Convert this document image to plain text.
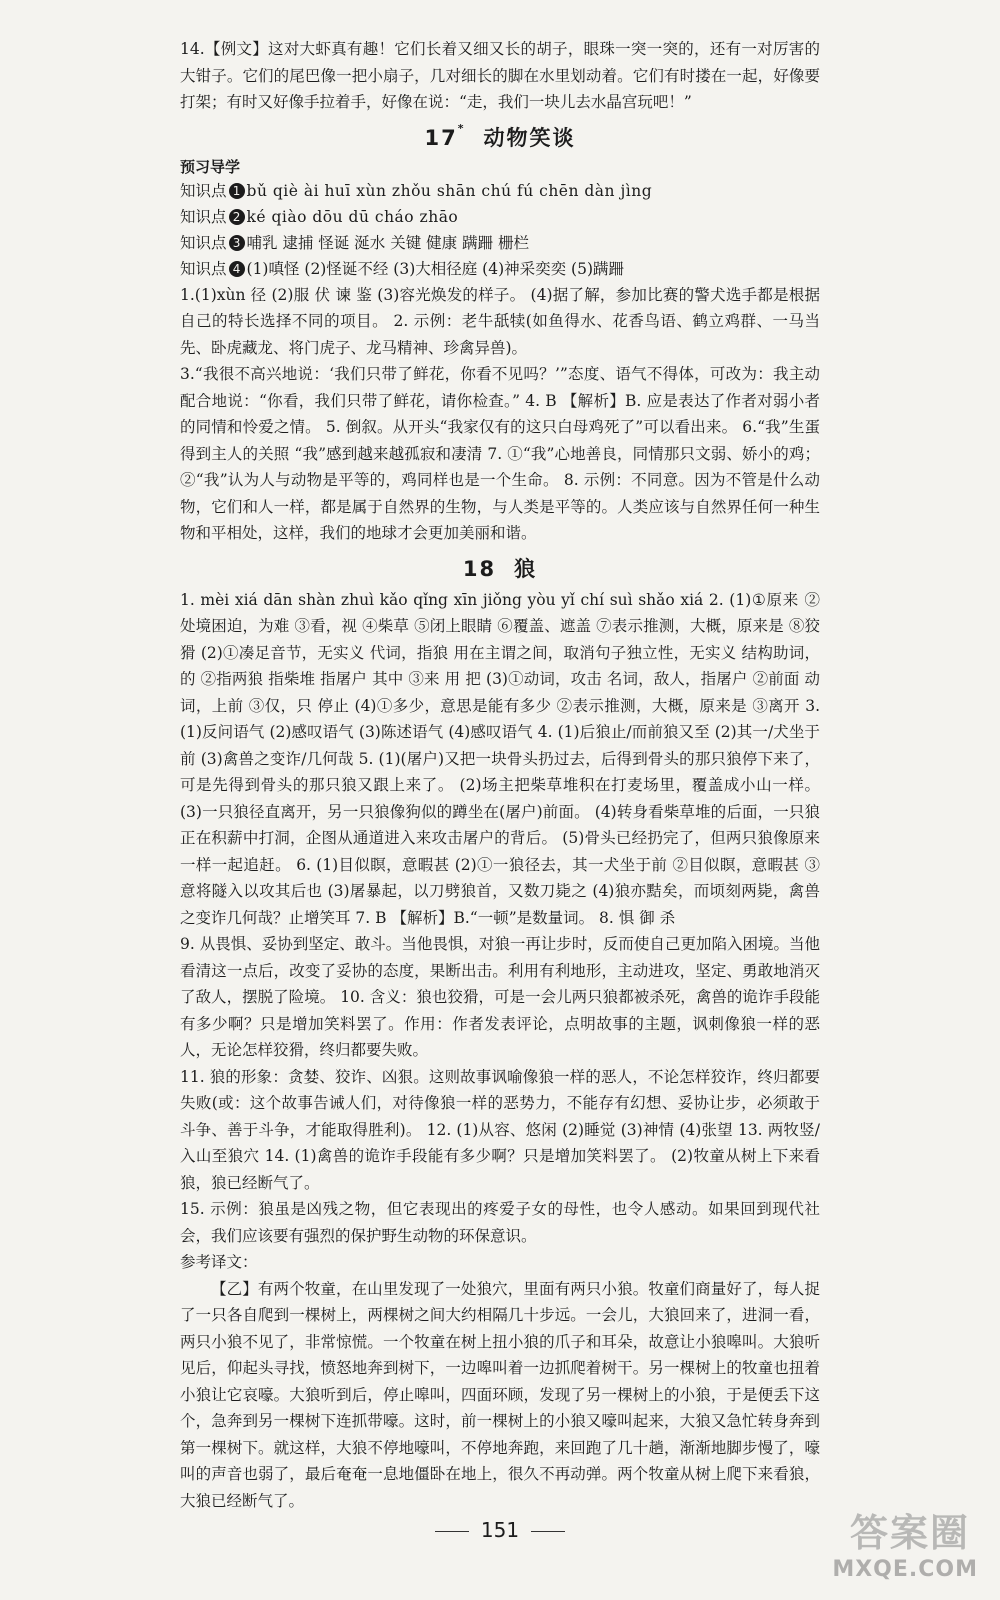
14.【例文】这对大虾真有趣！它们长着又细又长的胡子，眼珠一突一突的，还有一对厉害的大钳子。它们的尾巴像一把小扇子，几对细长的脚在水里划动着。它们有时搂在一起，好像要打架；有时又好像手拉着手，好像在说：“走，我们一块儿去水晶宫玩吧！”

17* 动物笑谈
预习导学
知识点 1 bǔ qiè ài huī xùn zhǒu shān chú fú chēn dàn jìng
知识点 2 ké qiào dōu dū cháo zhāo
知识点 3 哺乳 逮捕 怪诞 涎水 关键 健康 蹒跚 栅栏
知识点 4 (1)嗔怪 (2)怪诞不经 (3)大相径庭 (4)神采奕奕 (5)蹒跚

1.(1)xùn 径 (2)服 伏 谏 鉴 (3)容光焕发的样子。 (4)据了解，参加比赛的警犬选手都是根据自己的特长选择不同的项目。 2. 示例：老牛舐犊(如鱼得水、花香鸟语、鹤立鸡群、一马当先、卧虎藏龙、将门虎子、龙马精神、珍禽异兽)。

3.“我很不高兴地说：‘我们只带了鲜花，你看不见吗？’”态度、语气不得体，可改为：我主动配合地说：“你看，我们只带了鲜花，请你检查。” 4. B 【解析】B. 应是表达了作者对弱小者的同情和怜爱之情。 5. 倒叙。从开头“我家仅有的这只白母鸡死了”可以看出来。 6.“我”生蛋得到主人的关照 “我”感到越来越孤寂和凄清 7. ①“我”心地善良，同情那只文弱、娇小的鸡；②“我”认为人与动物是平等的，鸡同样也是一个生命。 8. 示例：不同意。因为不管是什么动物，它们和人一样，都是属于自然界的生物，与人类是平等的。人类应该与自然界任何一种生物和平相处，这样，我们的地球才会更加美丽和谐。

18 狼

1. mèi xiá dān shàn zhuì kǎo qǐng xīn jiǒng yòu yǐ chí suì shǎo xiá 2. (1)①原来 ②处境困迫，为难 ③看，视 ④柴草 ⑤闭上眼睛 ⑥覆盖、遮盖 ⑦表示推测，大概，原来是 ⑧狡猾 (2)①凑足音节，无实义 代词，指狼 用在主谓之间，取消句子独立性，无实义 结构助词，的 ②指两狼 指柴堆 指屠户 其中 ③来 用 把 (3)①动词，攻击 名词，敌人，指屠户 ②前面 动词，上前 ③仅，只 停止 (4)①多少，意思是能有多少 ②表示推测，大概，原来是 ③离开 3. (1)反问语气 (2)感叹语气 (3)陈述语气 (4)感叹语气 4. (1)后狼止/而前狼又至 (2)其一/犬坐于前 (3)禽兽之变诈/几何哉 5. (1)(屠户)又把一块骨头扔过去，后得到骨头的那只狼停下来了，可是先得到骨头的那只狼又跟上来了。 (2)场主把柴草堆积在打麦场里，覆盖成小山一样。 (3)一只狼径直离开，另一只狼像狗似的蹲坐在(屠户)前面。 (4)转身看柴草堆的后面，一只狼正在积薪中打洞，企图从通道进入来攻击屠户的背后。 (5)骨头已经扔完了，但两只狼像原来一样一起追赶。 6. (1)目似瞑，意暇甚 (2)①一狼径去，其一犬坐于前 ②目似瞑，意暇甚 ③意将隧入以攻其后也 (3)屠暴起，以刀劈狼首，又数刀毙之 (4)狼亦黠矣，而顷刻两毙，禽兽之变诈几何哉？止增笑耳 7. B 【解析】B.“一顿”是数量词。 8. 惧 御 杀

9. 从畏惧、妥协到坚定、敢斗。当他畏惧，对狼一再让步时，反而使自己更加陷入困境。当他看清这一点后，改变了妥协的态度，果断出击。利用有利地形，主动进攻，坚定、勇敢地消灭了敌人，摆脱了险境。 10. 含义：狼也狡猾，可是一会儿两只狼都被杀死，禽兽的诡诈手段能有多少啊？只是增加笑料罢了。作用：作者发表评论，点明故事的主题，讽刺像狼一样的恶人，无论怎样狡猾，终归都要失败。

11. 狼的形象：贪婪、狡诈、凶狠。这则故事讽喻像狼一样的恶人，不论怎样狡诈，终归都要失败(或：这个故事告诫人们，对待像狼一样的恶势力，不能存有幻想、妥协让步，必须敢于斗争、善于斗争，才能取得胜利)。 12. (1)从容、悠闲 (2)睡觉 (3)神情 (4)张望 13. 两牧竖/入山至狼穴 14. (1)禽兽的诡诈手段能有多少啊？只是增加笑料罢了。 (2)牧童从树上下来看狼，狼已经断气了。

15. 示例：狼虽是凶残之物，但它表现出的疼爱子女的母性，也令人感动。如果回到现代社会，我们应该要有强烈的保护野生动物的环保意识。

参考译文：

【乙】有两个牧童，在山里发现了一处狼穴，里面有两只小狼。牧童们商量好了，每人捉了一只各自爬到一棵树上，两棵树之间大约相隔几十步远。一会儿，大狼回来了，进洞一看，两只小狼不见了，非常惊慌。一个牧童在树上扭小狼的爪子和耳朵，故意让小狼嗥叫。大狼听见后，仰起头寻找，愤怒地奔到树下，一边嗥叫着一边抓爬着树干。另一棵树上的牧童也扭着小狼让它哀嚎。大狼听到后，停止嗥叫，四面环顾，发现了另一棵树上的小狼，于是便丢下这个，急奔到另一棵树下连抓带嚎。这时，前一棵树上的小狼又嚎叫起来，大狼又急忙转身奔到第一棵树下。就这样，大狼不停地嚎叫，不停地奔跑，来回跑了几十趟，渐渐地脚步慢了，嚎叫的声音也弱了，最后奄奄一息地僵卧在地上，很久不再动弹。两个牧童从树上爬下来看狼，大狼已经断气了。

151	答案圈
MXQE.COM
